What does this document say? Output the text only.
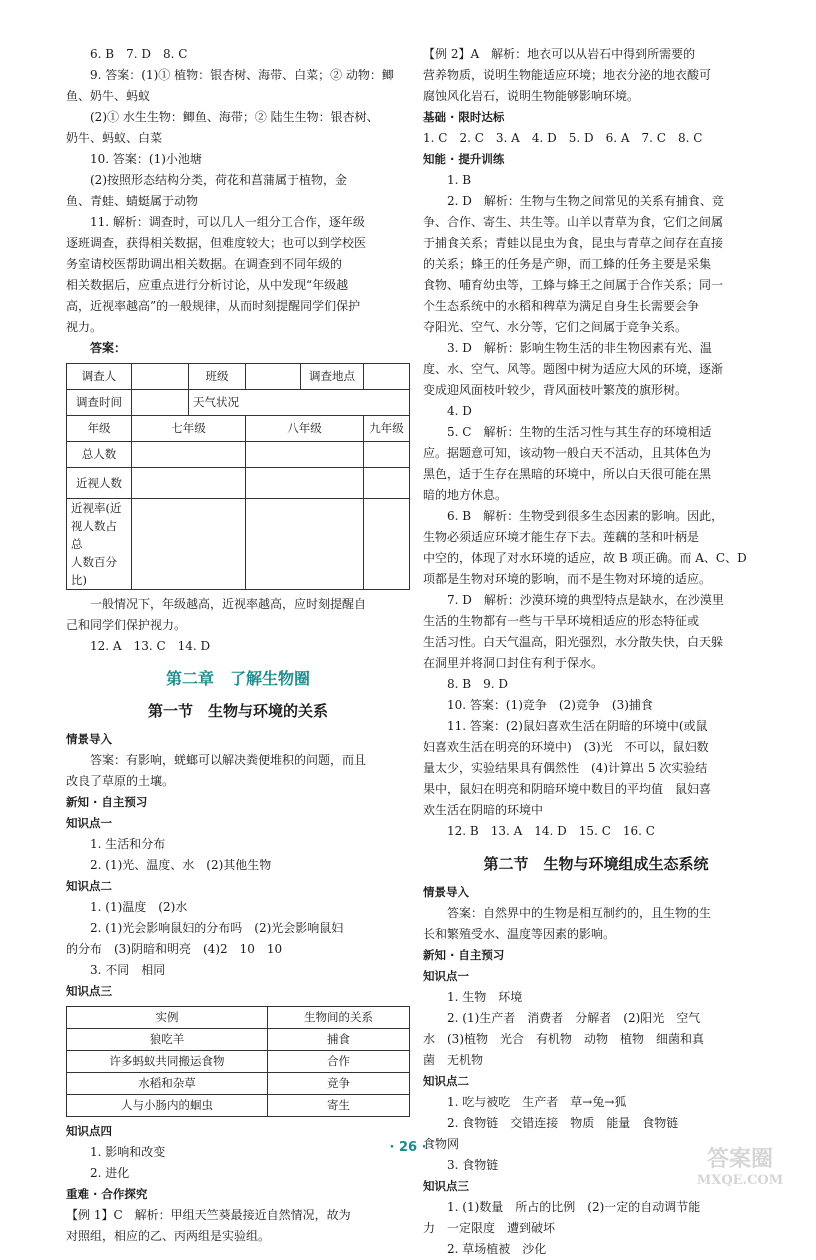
6. B　7. D　8. C

9. 答案：(1)① 植物：银杏树、海带、白菜；② 动物：鲫

鱼、奶牛、蚂蚁

(2)① 水生生物：鲫鱼、海带；② 陆生生物：银杏树、

奶牛、蚂蚁、白菜

10. 答案：(1)小池塘

(2)按照形态结构分类，荷花和菖蒲属于植物，金

鱼、青蛙、蜻蜓属于动物

11. 解析：调查时，可以几人一组分工合作，逐年级

逐班调查，获得相关数据，但难度较大；也可以到学校医

务室请校医帮助调出相关数据。在调查到不同年级的

相关数据后，应重点进行分析讨论，从中发现“年级越

高，近视率越高”的一般规律，从而时刻提醒同学们保护

视力。

答案：

调查人		班级		调查地点	
调查时间		天气状况			
年级	七年级		八年级		九年级
总人数					
近视人数					
近视率(近
视人数占总
人数百分比)					

一般情况下，年级越高，近视率越高，应时刻提醒自

己和同学们保护视力。

12. A　13. C　14. D

第二章　了解生物圈
第一节　生物与环境的关系

情景导入

答案：有影响，蜣螂可以解决粪便堆积的问题，而且

改良了草原的土壤。

新知 · 自主预习

知识点一

1. 生活和分布

2. (1)光、温度、水　(2)其他生物

知识点二

1. (1)温度　(2)水

2. (1)光会影响鼠妇的分布吗　(2)光会影响鼠妇

的分布　(3)阴暗和明亮　(4)2　10　10

3. 不同　相同

知识点三

实例	生物间的关系
狼吃羊	捕食
许多蚂蚁共同搬运食物	合作
水稻和杂草	竞争
人与小肠内的蛔虫	寄生

知识点四

1. 影响和改变

2. 进化

重难 · 合作探究

【例 1】C　解析：甲组天竺葵最接近自然情况，故为

对照组，相应的乙、丙两组是实验组。

【例 2】A　解析：地衣可以从岩石中得到所需要的

营养物质，说明生物能适应环境；地衣分泌的地衣酸可

腐蚀风化岩石，说明生物能够影响环境。

基础 · 限时达标

1. C　2. C　3. A　4. D　5. D　6. A　7. C　8. C

知能 · 提升训练

1. B

2. D　解析：生物与生物之间常见的关系有捕食、竞

争、合作、寄生、共生等。山羊以青草为食，它们之间属

于捕食关系；青蛙以昆虫为食，昆虫与青草之间存在直接

的关系；蜂王的任务是产卵，而工蜂的任务主要是采集

食物、哺育幼虫等，工蜂与蜂王之间属于合作关系；同一

个生态系统中的水稻和稗草为满足自身生长需要会争

夺阳光、空气、水分等，它们之间属于竞争关系。

3. D　解析：影响生物生活的非生物因素有光、温

度、水、空气、风等。题图中树为适应大风的环境，逐渐

变成迎风面枝叶较少，背风面枝叶繁茂的旗形树。

4. D

5. C　解析：生物的生活习性与其生存的环境相适

应。据题意可知，该动物一般白天不活动，且其体色为

黑色，适于生存在黑暗的环境中，所以白天很可能在黑

暗的地方休息。

6. B　解析：生物受到很多生态因素的影响。因此，

生物必须适应环境才能生存下去。莲藕的茎和叶柄是

中空的，体现了对水环境的适应，故 B 项正确。而 A、C、D

项都是生物对环境的影响，而不是生物对环境的适应。

7. D　解析：沙漠环境的典型特点是缺水，在沙漠里

生活的生物都有一些与干旱环境相适应的形态特征或

生活习性。白天气温高，阳光强烈，水分散失快，白天躲

在洞里并将洞口封住有利于保水。

8. B　9. D

10. 答案：(1)竞争　(2)竞争　(3)捕食

11. 答案：(2)鼠妇喜欢生活在阴暗的环境中(或鼠

妇喜欢生活在明亮的环境中)　(3)光　不可以，鼠妇数

量太少，实验结果具有偶然性　(4)计算出 5 次实验结

果中，鼠妇在明亮和阴暗环境中数目的平均值　鼠妇喜

欢生活在阴暗的环境中

12. B　13. A　14. D　15. C　16. C

第二节　生物与环境组成生态系统

情景导入

答案：自然界中的生物是相互制约的，且生物的生

长和繁殖受水、温度等因素的影响。

新知 · 自主预习

知识点一

1. 生物　环境

2. (1)生产者　消费者　分解者　(2)阳光　空气

水　(3)植物　光合　有机物　动物　植物　细菌和真

菌　无机物

知识点二

1. 吃与被吃　生产者　草→兔→狐

2. 食物链　交错连接　物质　能量　食物链

食物网

3. 食物链

知识点三

1. (1)数量　所占的比例　(2)一定的自动调节能

力　一定限度　遭到破坏

2. 草场植被　沙化

· 26 ·	答案圈
MXQE.COM
